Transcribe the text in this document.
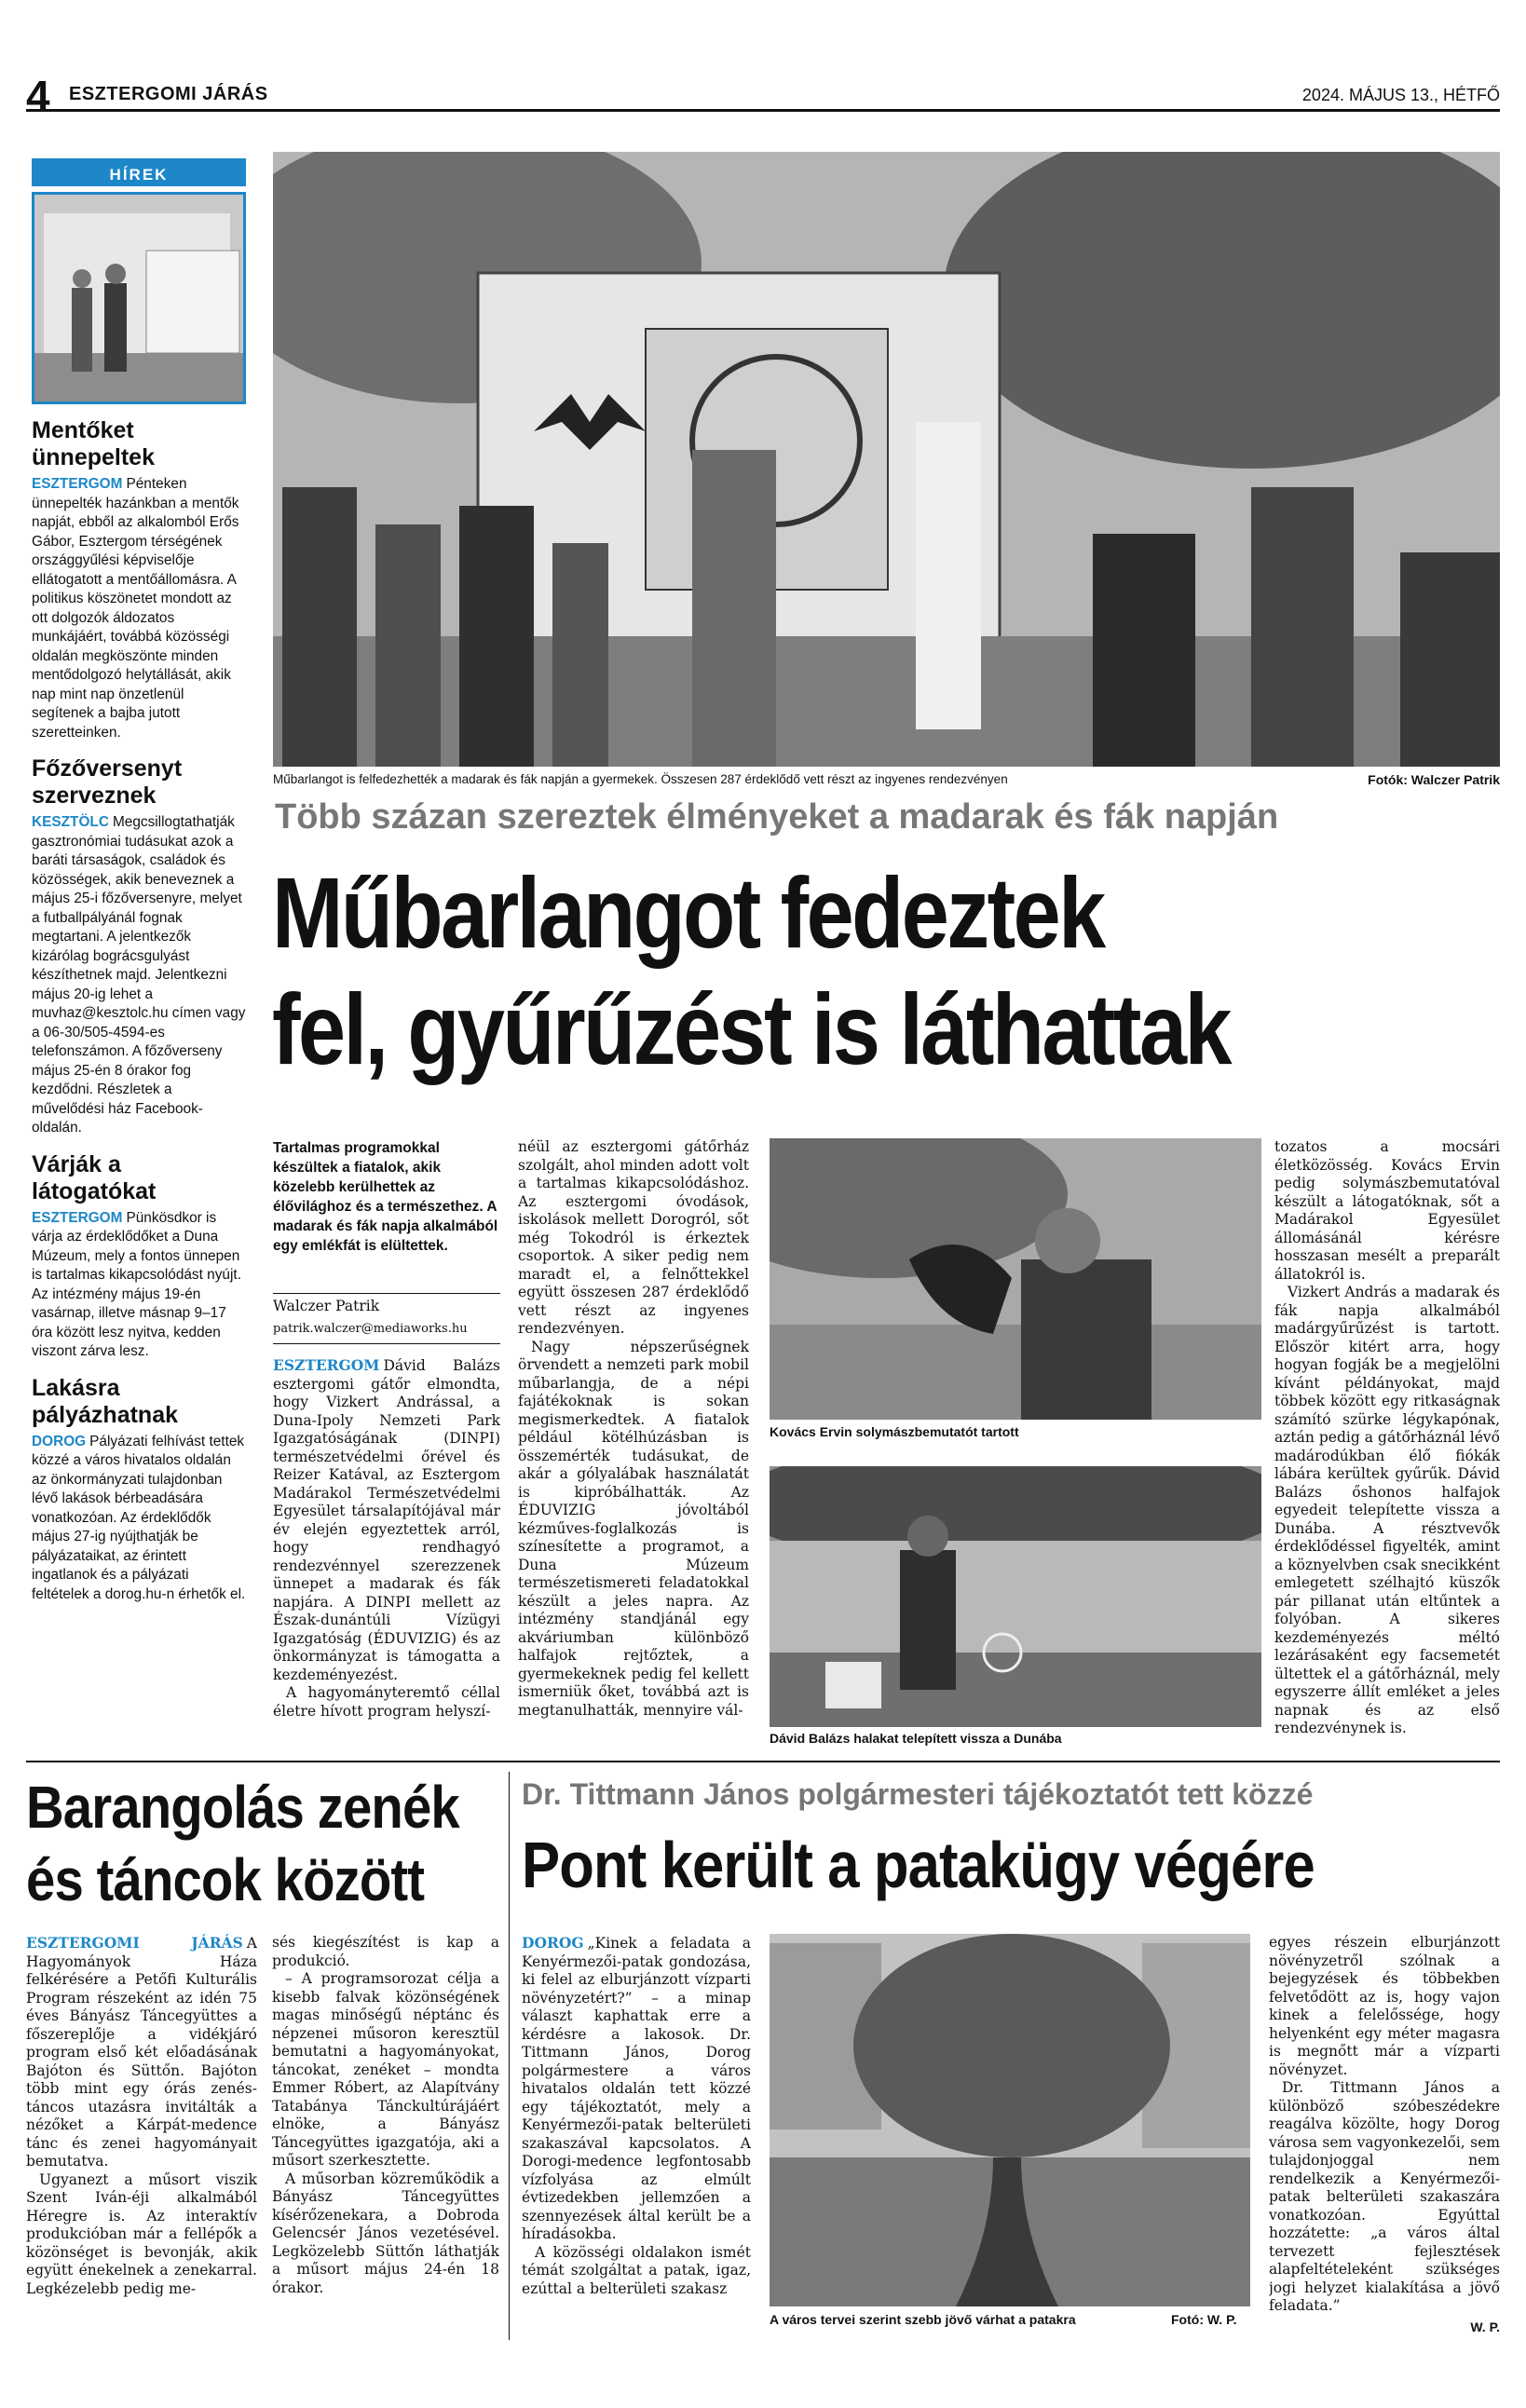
4 ESZTERGOMI JÁRÁS	2024. MÁJUS 13., HÉTFŐ
HÍREK
Mentőket ünnepeltek
ESZTERGOM Pénteken ünnepelték hazánkban a mentők napját, ebből az alkalomból Erős Gábor, Esztergom térségének országgyűlési képviselője ellátogatott a mentőállomásra. A politikus köszönetet mondott az ott dolgozók áldozatos munkájáért, továbbá közösségi oldalán megköszönte minden mentődolgozó helytállását, akik nap mint nap önzetlenül segítenek a bajba jutott szeretteinken.
Főzőversenyt szerveznek
KESZTÖLC Megcsillogtathatják gasztronómiai tudásukat azok a baráti társaságok, családok és közösségek, akik beneveznek a május 25-i főzőversenyre, melyet a futballpályánál fognak megtartani. A jelentkezők kizárólag bográcsgulyást készíthetnek majd. Jelentkezni május 20-ig lehet a muvhaz@kesztolc.hu címen vagy a 06-30/505-4594-es telefonszámon. A főzőverseny május 25-én 8 órakor fog kezdődni. Részletek a művelődési ház Facebook-oldalán.
Várják a látogatókat
ESZTERGOM Pünkösdkor is várja az érdeklődőket a Duna Múzeum, mely a fontos ünnepen is tartalmas kikapcsolódást nyújt. Az intézmény május 19-én vasárnap, illetve másnap 9–17 óra között lesz nyitva, kedden viszont zárva lesz.
Lakásra pályázhatnak
DOROG Pályázati felhívást tettek közzé a város hivatalos oldalán az önkormányzati tulajdonban lévő lakások bérbeadására vonatkozóan. Az érdeklődők május 27-ig nyújthatják be pályázataikat, az érintett ingatlanok és a pályázati feltételek a dorog.hu-n érhetők el.
Műbarlangot is felfedezhették a madarak és fák napján a gyermekek. Összesen 287 érdeklődő vett részt az ingyenes rendezvényen	Fotók: Walczer Patrik
Több százan szereztek élményeket a madarak és fák napján
Műbarlangot fedeztek
fel, gyűrűzést is láthattak
Tartalmas programokkal készültek a fiatalok, akik közelebb kerülhettek az élővilághoz és a természethez. A madarak és fák napja alkalmából egy emlékfát is elültettek.
Walczer Patrik
patrik.walczer@mediaworks.hu

ESZTERGOM Dávid Balázs esztergomi gátőr elmondta, hogy Vizkert Andrással, a Duna-Ipoly Nemzeti Park Igazgatóságának (DINPI) természetvédelmi őrével és Reizer Katával, az Esztergom Madárakol Természetvédelmi Egyesület társalapítójával már év elején egyeztettek arról, hogy rendhagyó rendezvénnyel szerezzenek ünnepet a madarak és fák napjára. A DINPI mellett az Észak-dunántúli Vízügyi Igazgatóság (ÉDUVIZIG) és az önkormányzat is támogatta a kezdeményezést.

A hagyományteremtő céllal életre hívott program helyszí-

néül az esztergomi gátőrház szolgált, ahol minden adott volt a tartalmas kikapcsolódáshoz. Az esztergomi óvodások, iskolások mellett Dorogról, sőt még Tokodról is érkeztek csoportok. A siker pedig nem maradt el, a felnőttekkel együtt összesen 287 érdeklődő vett részt az ingyenes rendezvényen.

Nagy népszerűségnek örvendett a nemzeti park mobil műbarlangja, de a népi fajátékoknak is sokan megismerkedtek. A fiatalok például kötélhúzásban is összemérték tudásukat, de akár a gólyalábak használatát is kipróbálhatták. Az ÉDUVIZIG jóvoltából kézműves-foglalkozás is színesítette a programot, a Duna Múzeum természetismereti feladatokkal készült a jeles napra. Az intézmény standjánál egy akváriumban különböző halfajok rejtőztek, a gyermekeknek pedig fel kellett ismerniük őket, továbbá azt is megtanulhatták, mennyire vál-

Kovács Ervin solymászbemutatót tartott
Dávid Balázs halakat telepített vissza a Dunába

tozatos a mocsári életközösség. Kovács Ervin pedig solymászbemutatóval készült a látogatóknak, sőt a Madárakol Egyesület állomásánál kérésre hosszasan mesélt a preparált állatokról is.

Vizkert András a madarak és fák napja alkalmából madárgyűrűzést is tartott. Először kitért arra, hogy hogyan fogják be a megjelölni kívánt példányokat, majd többek között egy ritkaságnak számító szürke légykapónak, aztán pedig a gátőrháznál lévő madárodúkban élő fiókák lábára kerültek gyűrűk. Dávid Balázs őshonos halfajok egyedeit telepítette vissza a Dunába. A résztvevők érdeklődéssel figyelték, amint a köznyelvben csak snecikként emlegetett szélhajtó küszők pár pillanat után eltűntek a folyóban. A sikeres kezdeményezés méltó lezárásaként egy facsemetét ültettek el a gátőrháznál, mely egyszerre állít emléket a jeles napnak és az első rendezvénynek is.

Barangolás zenék
és táncok között

ESZTERGOMI JÁRÁS A Hagyományok Háza felkérésére a Petőfi Kulturális Program részeként az idén 75 éves Bányász Táncegyüttes a főszereplője a vidékjáró program első két előadásának Bajóton és Süttőn. Bajóton több mint egy órás zenés-táncos utazásra invitálták a nézőket a Kárpát-medence tánc és zenei hagyományait bemutatva.

Ugyanezt a műsort viszik Szent Iván-éji alkalmából Héregre is. Az interaktív produkcióban már a fellépők a közönséget is bevonják, akik együtt énekelnek a zenekarral. Legkézelebb pedig me-

sés kiegészítést is kap a produkció.

– A programsorozat célja a kisebb falvak közönségének magas minőségű néptánc és népzenei műsoron keresztül bemutatni a hagyományokat, táncokat, zenéket – mondta Emmer Róbert, az Alapítvány Tatabánya Tánckultúrájáért elnöke, a Bányász Táncegyüttes igazgatója, aki a műsort szerkesztette.

A műsorban közreműködik a Bányász Táncegyüttes kísérőzenekara, a Dobroda Gelencsér János vezetésével. Legközelebb Süttőn láthatják a műsort május 24-én 18 órakor.

Dr. Tittmann János polgármesteri tájékoztatót tett közzé
Pont került a patakügy végére

DOROG „Kinek a feladata a Kenyérmezői-patak gondozása, ki felel az elburjánzott vízparti növényzetért?” – a minap választ kaphattak erre a kérdésre a lakosok. Dr. Tittmann János, Dorog polgármestere a város hivatalos oldalán tett közzé egy tájékoztatót, mely a Kenyérmezői-patak belterületi szakaszával kapcsolatos. A Dorogi-medence legfontosabb vízfolyása az elmúlt évtizedekben jellemzően a szennyezések által került be a híradásokba.

A közösségi oldalakon ismét témát szolgáltat a patak, igaz, ezúttal a belterületi szakasz

A város tervei szerint szebb jövő várhat a patakra	Fotó: W. P.

egyes részein elburjánzott növényzetről szólnak a bejegyzések és többekben felvetődött az is, hogy vajon kinek a felelőssége, hogy helyenként egy méter magasra is megnőtt már a vízparti növényzet.

Dr. Tittmann János a különböző szóbeszédekre reagálva közölte, hogy Dorog városa sem vagyonkezelői, sem tulajdonjoggal nem rendelkezik a Kenyérmezői-patak belterületi szakaszára vonatkozóan. Egyúttal hozzátette: „a város által tervezett fejlesztések alapfeltételeként szükséges jogi helyzet kialakítása a jövő feladata.”

W. P.
